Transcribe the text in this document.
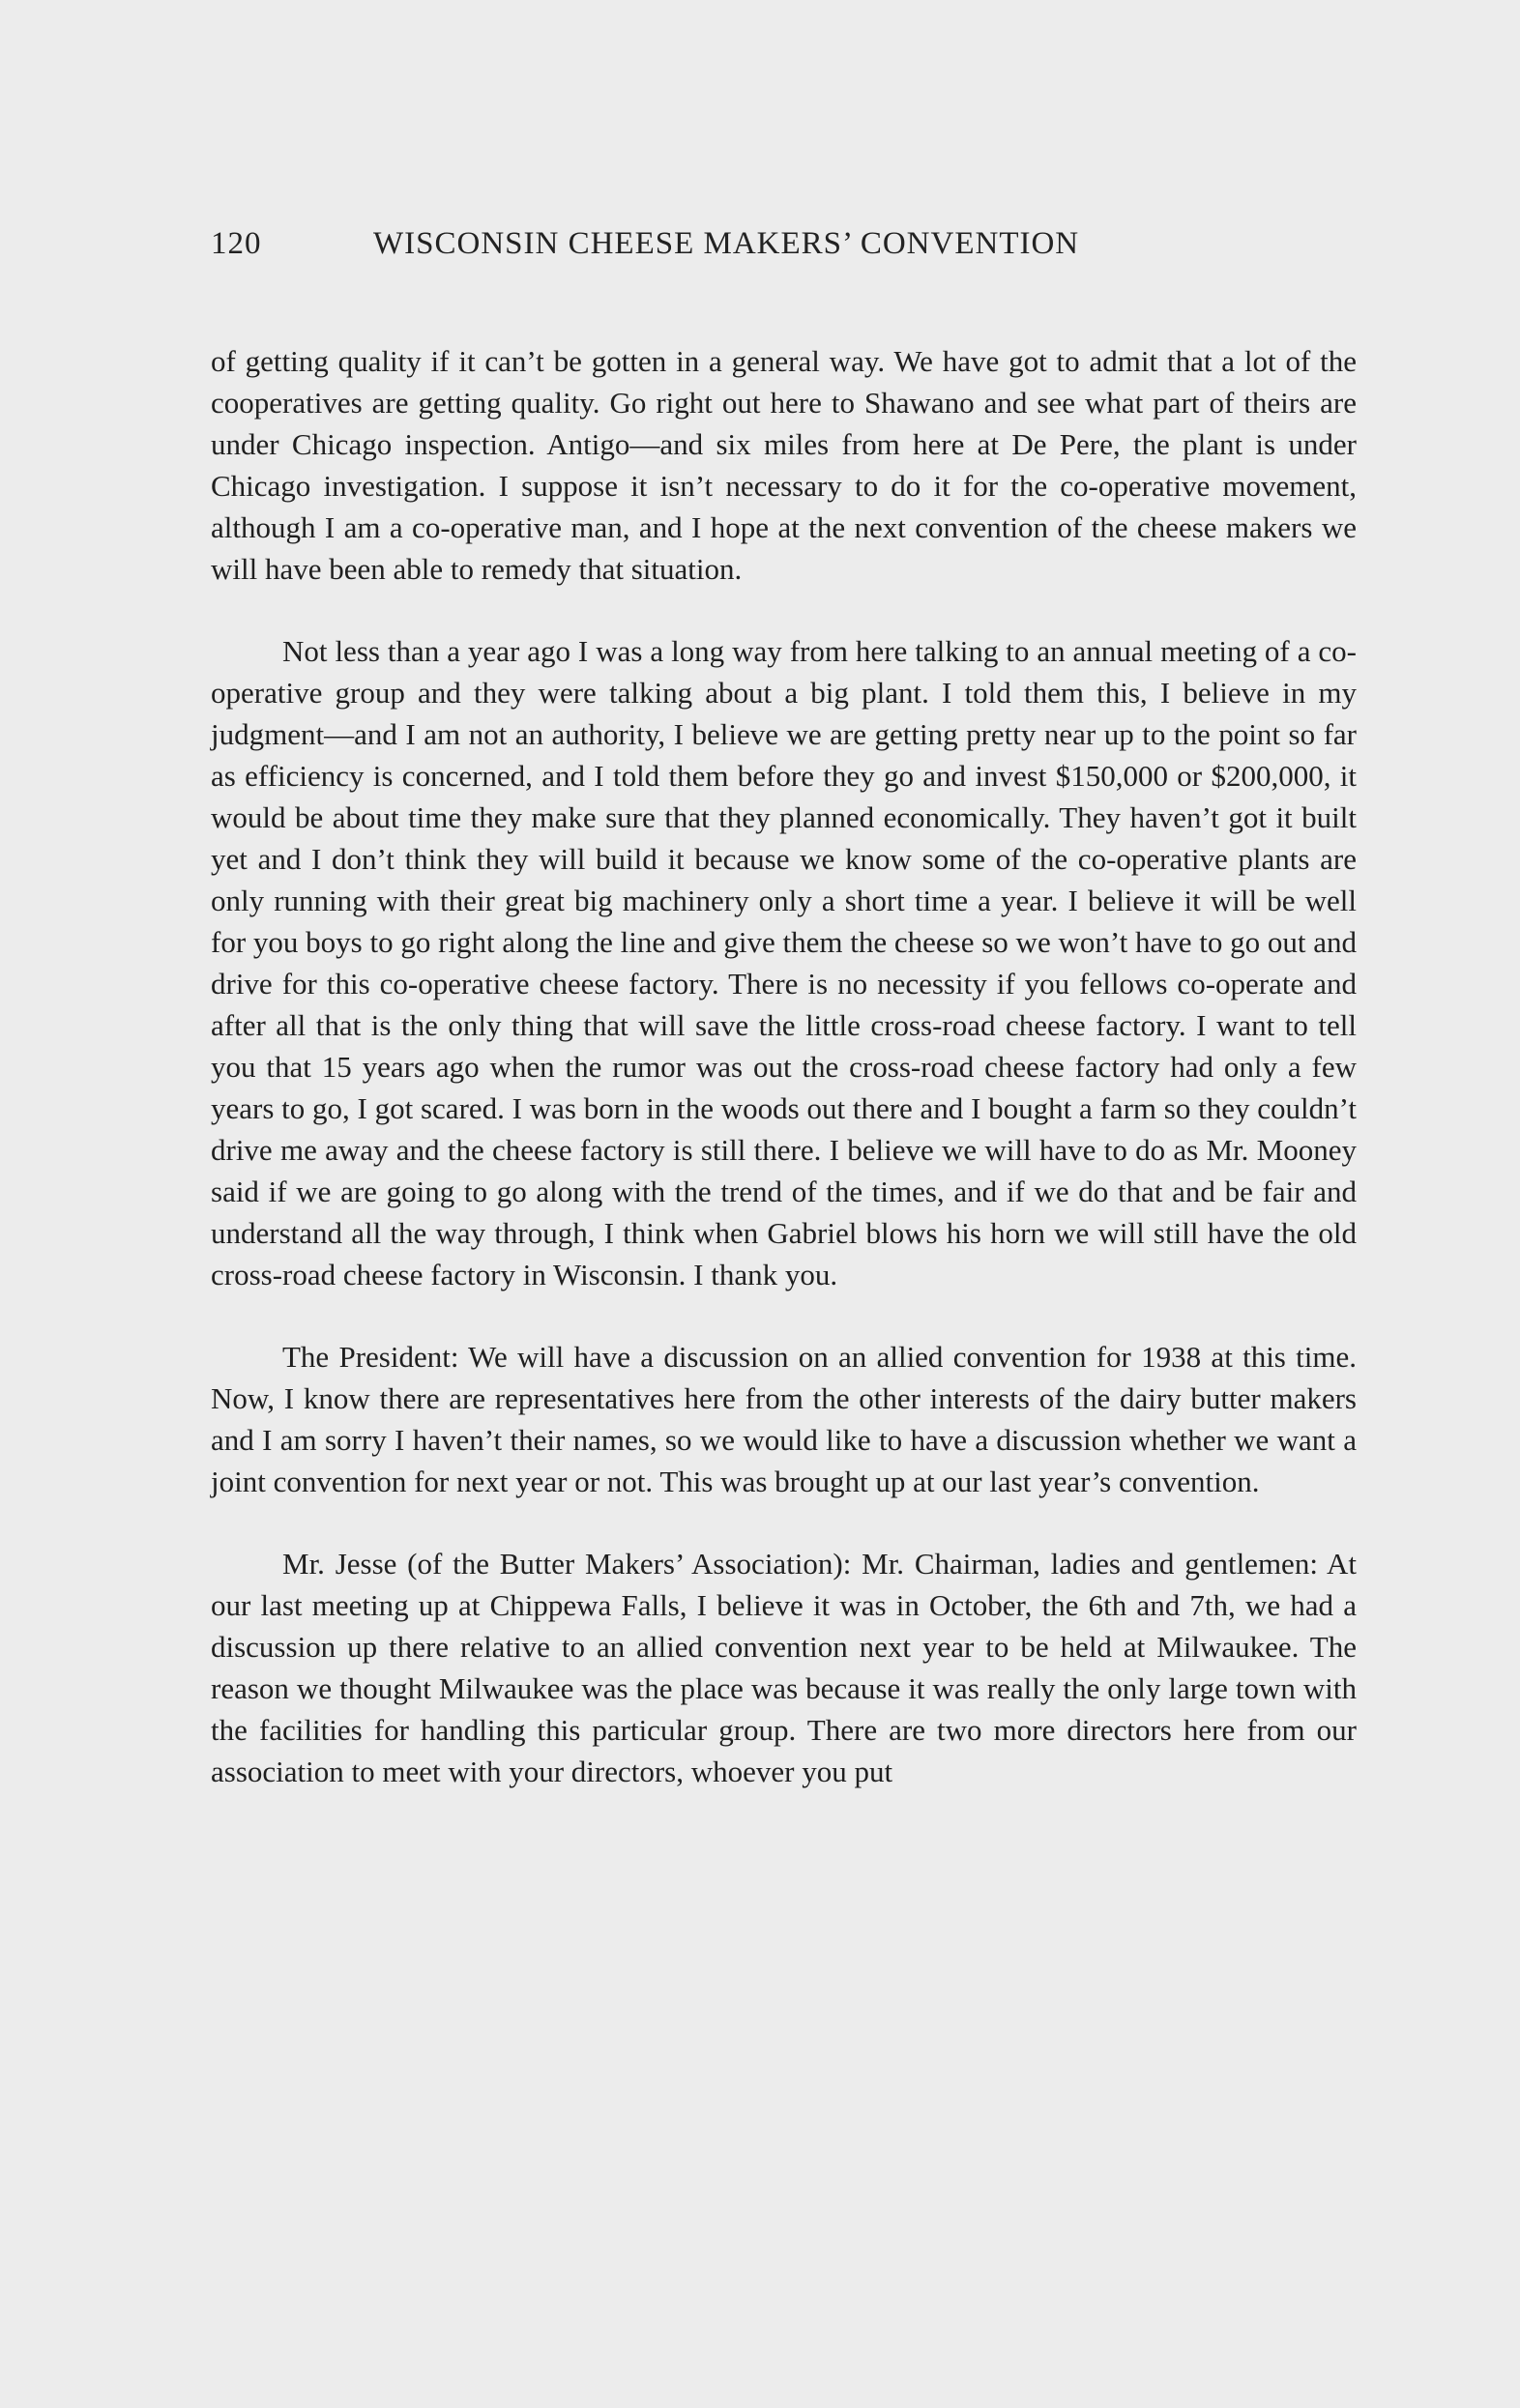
120	WISCONSIN CHEESE MAKERS’ CONVENTION

of getting quality if it can’t be gotten in a general way. We have got to admit that a lot of the cooperatives are getting quality. Go right out here to Shawano and see what part of theirs are under Chicago inspection. Antigo—and six miles from here at De Pere, the plant is under Chicago investigation. I suppose it isn’t necessary to do it for the co-operative movement, although I am a co-operative man, and I hope at the next convention of the cheese makers we will have been able to remedy that situation.

Not less than a year ago I was a long way from here talking to an annual meeting of a co-operative group and they were talking about a big plant. I told them this, I believe in my judgment—and I am not an authority, I believe we are getting pretty near up to the point so far as efficiency is concerned, and I told them before they go and invest $150,000 or $200,000, it would be about time they make sure that they planned economically. They haven’t got it built yet and I don’t think they will build it because we know some of the co-operative plants are only running with their great big machinery only a short time a year. I believe it will be well for you boys to go right along the line and give them the cheese so we won’t have to go out and drive for this co-operative cheese factory. There is no necessity if you fellows co-operate and after all that is the only thing that will save the little cross-road cheese factory. I want to tell you that 15 years ago when the rumor was out the cross-road cheese factory had only a few years to go, I got scared. I was born in the woods out there and I bought a farm so they couldn’t drive me away and the cheese factory is still there. I believe we will have to do as Mr. Mooney said if we are going to go along with the trend of the times, and if we do that and be fair and understand all the way through, I think when Gabriel blows his horn we will still have the old cross-road cheese factory in Wisconsin. I thank you.

The President: We will have a discussion on an allied convention for 1938 at this time. Now, I know there are representatives here from the other interests of the dairy butter makers and I am sorry I haven’t their names, so we would like to have a discussion whether we want a joint convention for next year or not. This was brought up at our last year’s convention.

Mr. Jesse (of the Butter Makers’ Association): Mr. Chairman, ladies and gentlemen: At our last meeting up at Chippewa Falls, I believe it was in October, the 6th and 7th, we had a discussion up there relative to an allied convention next year to be held at Milwaukee. The reason we thought Milwaukee was the place was because it was really the only large town with the facilities for handling this particular group. There are two more directors here from our association to meet with your directors, whoever you put
